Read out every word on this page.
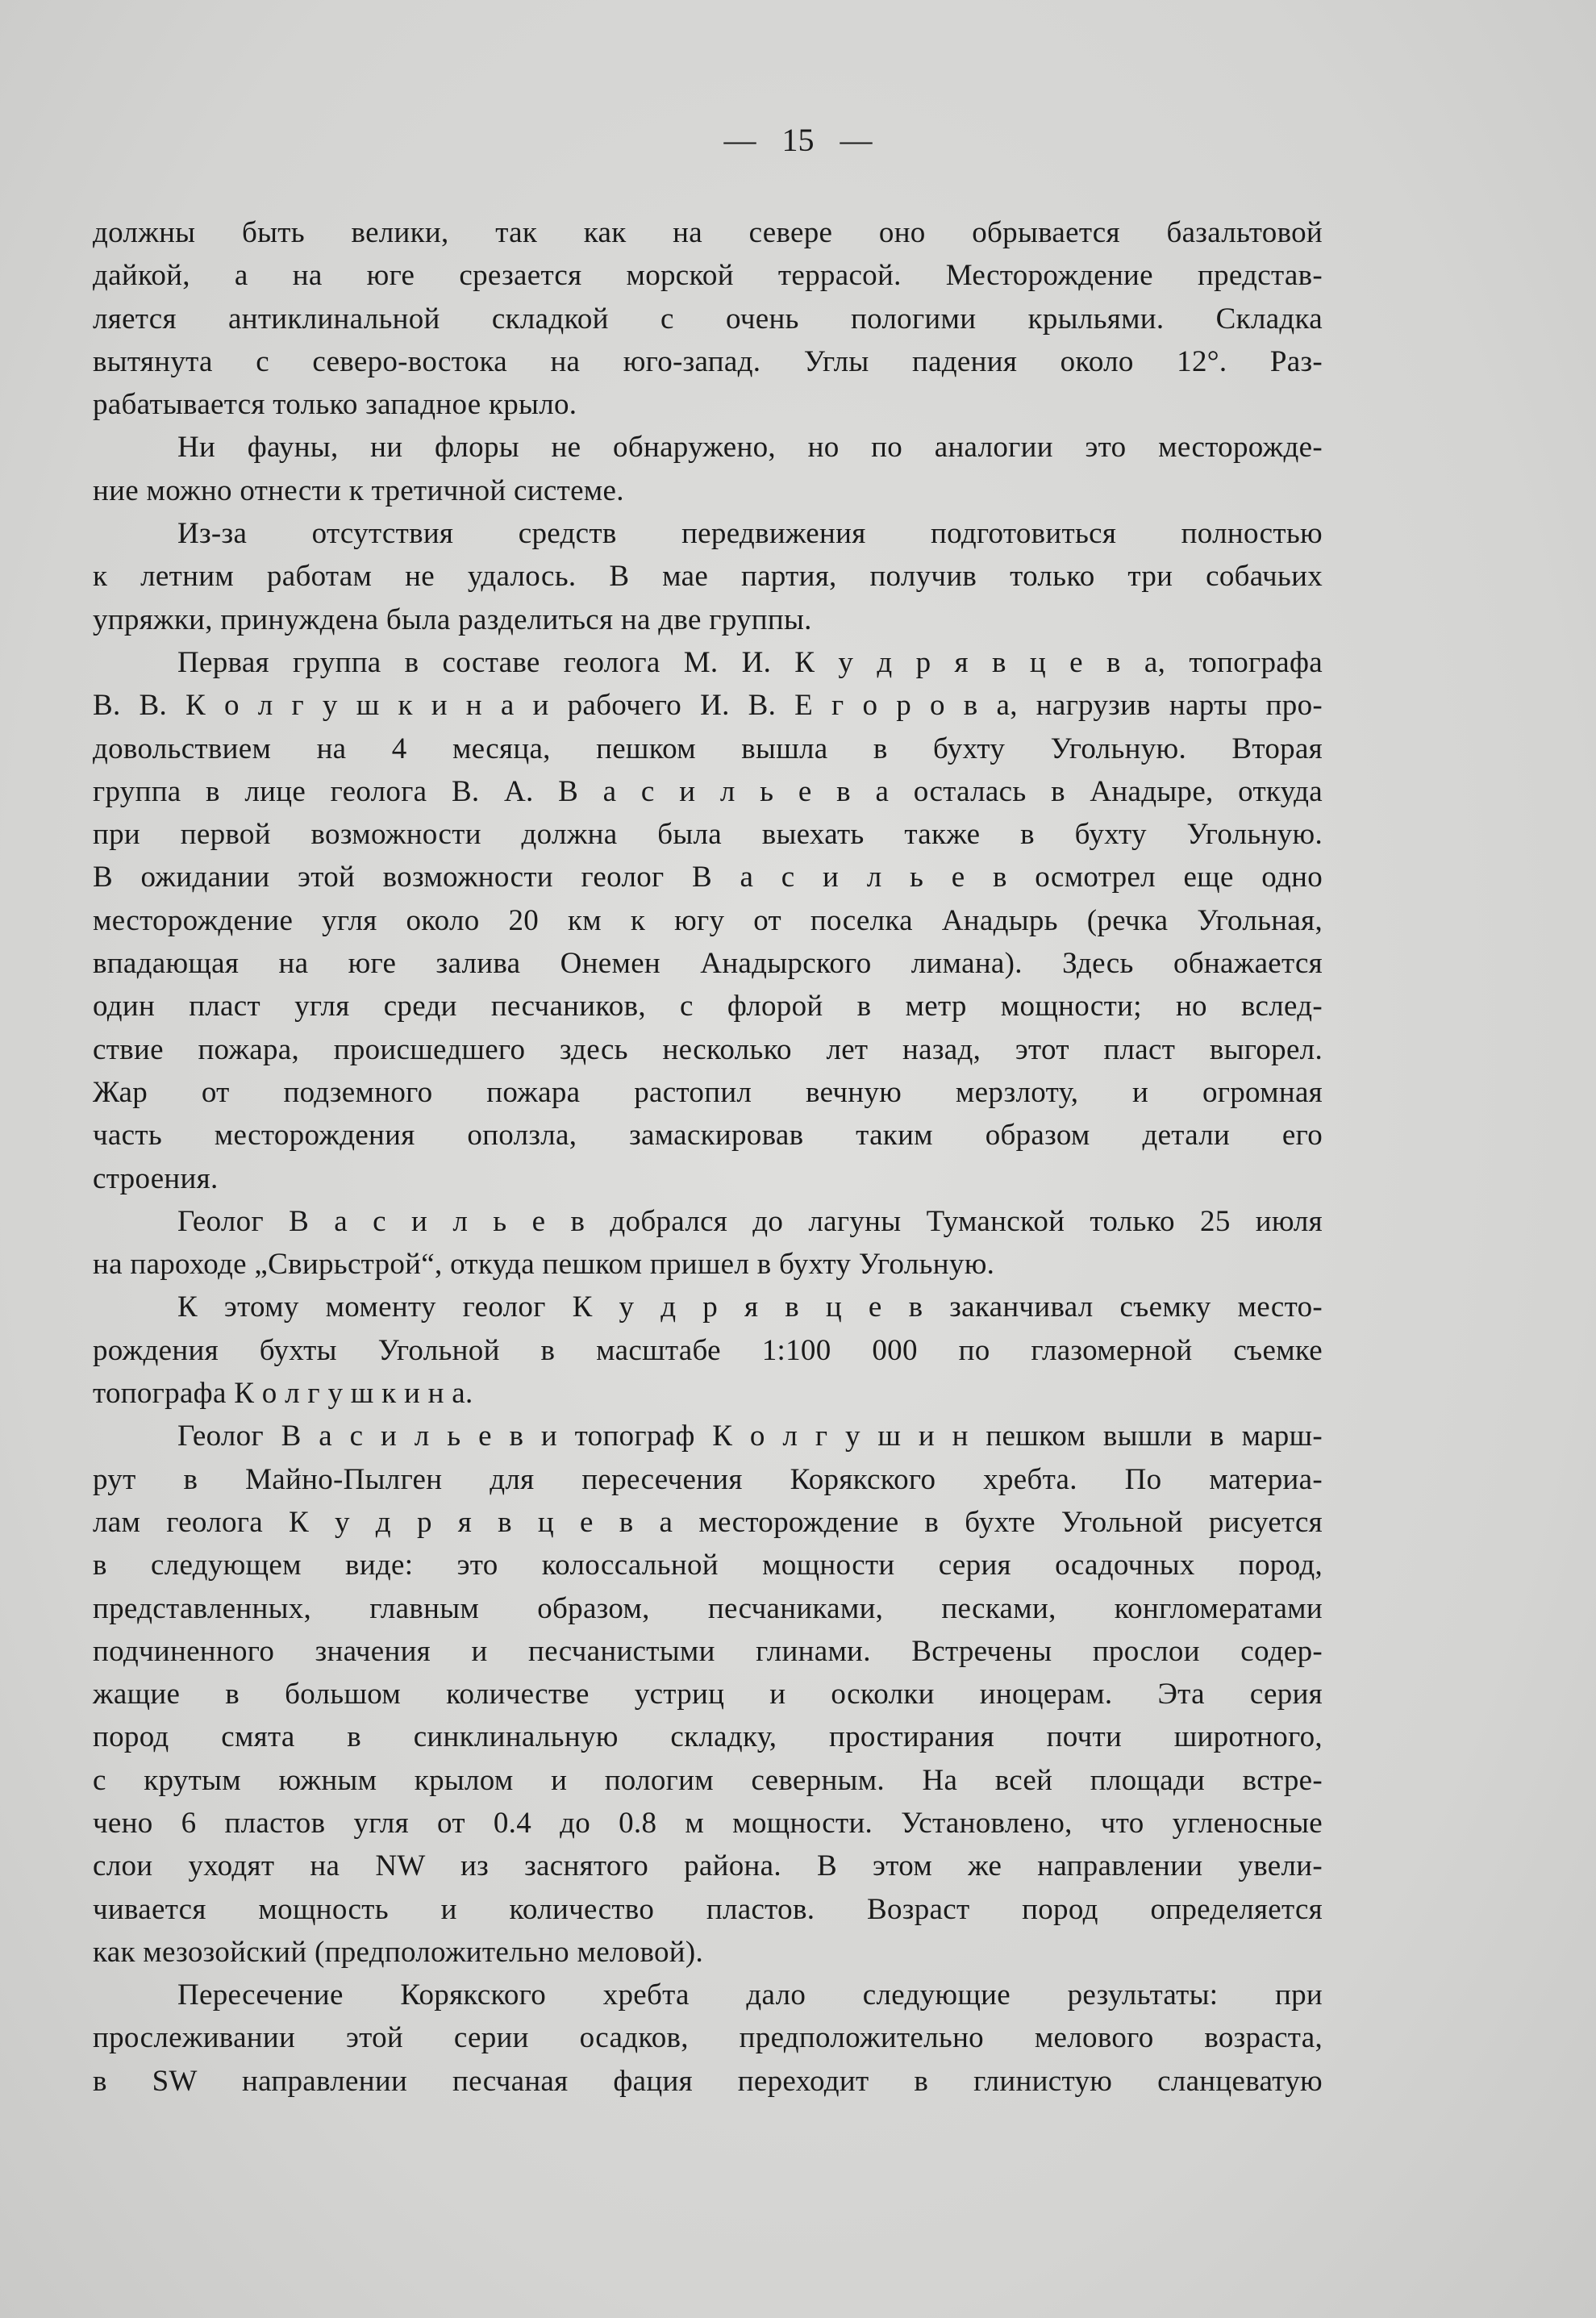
— 15 —
должны быть велики, так как на севере оно обрывается базальтовой
дайкой, а на юге срезается морской террасой. Месторождение представ-
ляется антиклинальной складкой с очень пологими крыльями. Складка
вытянута с северо-востока на юго-запад. Углы падения около 12°. Раз-
рабатывается только западное крыло.
Ни фауны, ни флоры не обнаружено, но по аналогии это месторожде-
ние можно отнести к третичной системе.
Из-за отсутствия средств передвижения подготовиться полностью
к летним работам не удалось. В мае партия, получив только три собачьих
упряжки, принуждена была разделиться на две группы.
Первая группа в составе геолога М. И. К у д р я в ц е в а, топографа
В. В. К о л г у ш к и н а и рабочего И. В. Е г о р о в а, нагрузив нарты про-
довольствием на 4 месяца, пешком вышла в бухту Угольную. Вторая
группа в лице геолога В. А. В а с и л ь е в а осталась в Анадыре, откуда
при первой возможности должна была выехать также в бухту Угольную.
В ожидании этой возможности геолог В а с и л ь е в осмотрел еще одно
месторождение угля около 20 км к югу от поселка Анадырь (речка Угольная,
впадающая на юге залива Онемен Анадырского лимана). Здесь обнажается
один пласт угля среди песчаников, с флорой в метр мощности; но вслед-
ствие пожара, происшедшего здесь несколько лет назад, этот пласт выгорел.
Жар от подземного пожара растопил вечную мерзлоту, и огромная
часть месторождения оползла, замаскировав таким образом детали его
строения.
Геолог В а с и л ь е в добрался до лагуны Туманской только 25 июля
на пароходе „Свирьстрой“, откуда пешком пришел в бухту Угольную.
К этому моменту геолог К у д р я в ц е в заканчивал съемку место-
рождения бухты Угольной в масштабе 1:100 000 по глазомерной съемке
топографа К о л г у ш к и н а.
Геолог В а с и л ь е в и топограф К о л г у ш и н пешком вышли в марш-
рут в Майно-Пылген для пересечения Корякского хребта. По материа-
лам геолога К у д р я в ц е в а месторождение в бухте Угольной рисуется
в следующем виде: это колоссальной мощности серия осадочных пород,
представленных, главным образом, песчаниками, песками, конгломератами
подчиненного значения и песчанистыми глинами. Встречены прослои содер-
жащие в большом количестве устриц и осколки иноцерам. Эта серия
пород смята в синклинальную складку, простирания почти широтного,
с крутым южным крылом и пологим северным. На всей площади встре-
чено 6 пластов угля от 0.4 до 0.8 м мощности. Установлено, что угленосные
слои уходят на NW из заснятого района. В этом же направлении увели-
чивается мощность и количество пластов. Возраст пород определяется
как мезозойский (предположительно меловой).
Пересечение Корякского хребта дало следующие результаты: при
прослеживании этой серии осадков, предположительно мелового возраста,
в SW направлении песчаная фация переходит в глинистую сланцеватую
